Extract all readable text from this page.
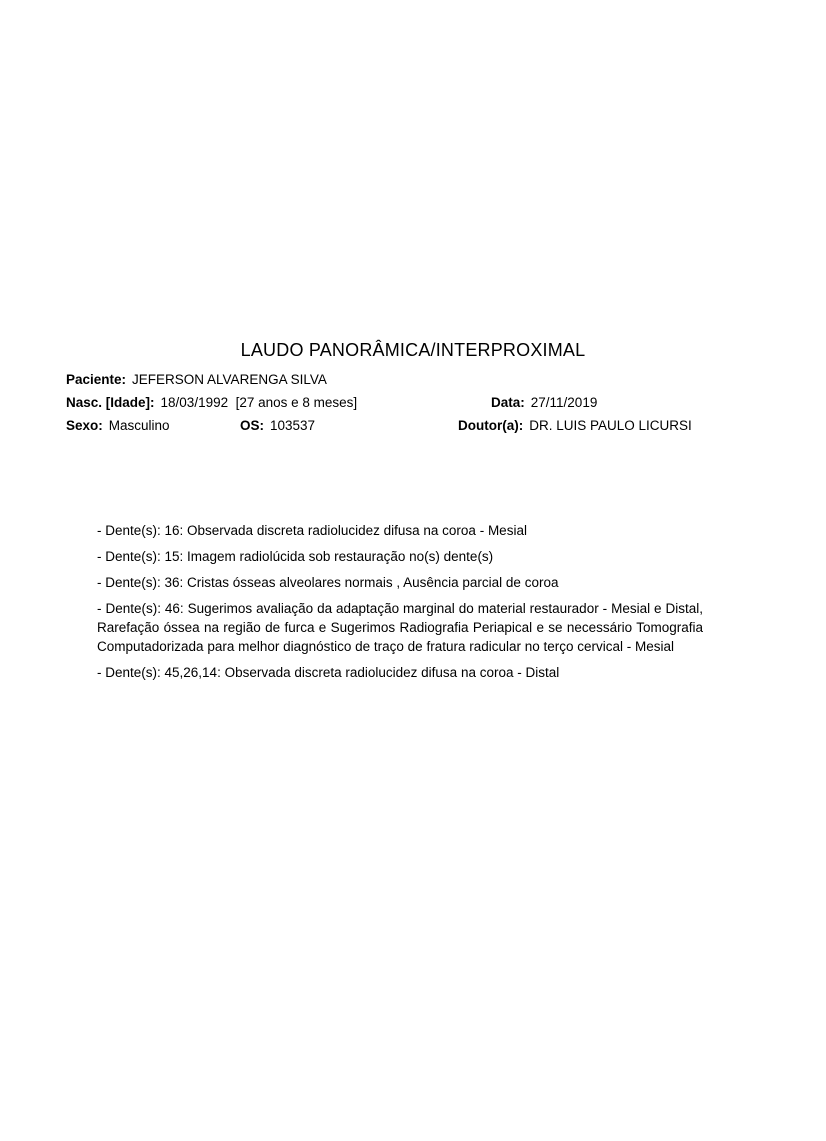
LAUDO PANORÂMICA/INTERPROXIMAL
Paciente: JEFERSON ALVARENGA SILVA
Nasc. [Idade]: 18/03/1992  [27 anos e 8 meses]	Data: 27/11/2019
Sexo: Masculino	OS: 103537	Doutor(a): DR. LUIS PAULO LICURSI

- Dente(s): 16: Observada discreta radiolucidez difusa na coroa - Mesial

- Dente(s): 15: Imagem radiolúcida sob restauração no(s) dente(s)

- Dente(s): 36: Cristas ósseas alveolares normais , Ausência parcial de coroa

- Dente(s): 46: Sugerimos avaliação da adaptação marginal do material restaurador - Mesial e Distal, Rarefação óssea na região de furca e Sugerimos Radiografia Periapical e se necessário Tomografia Computadorizada para melhor diagnóstico de traço de fratura radicular no terço cervical - Mesial

- Dente(s): 45,26,14: Observada discreta radiolucidez difusa na coroa - Distal
